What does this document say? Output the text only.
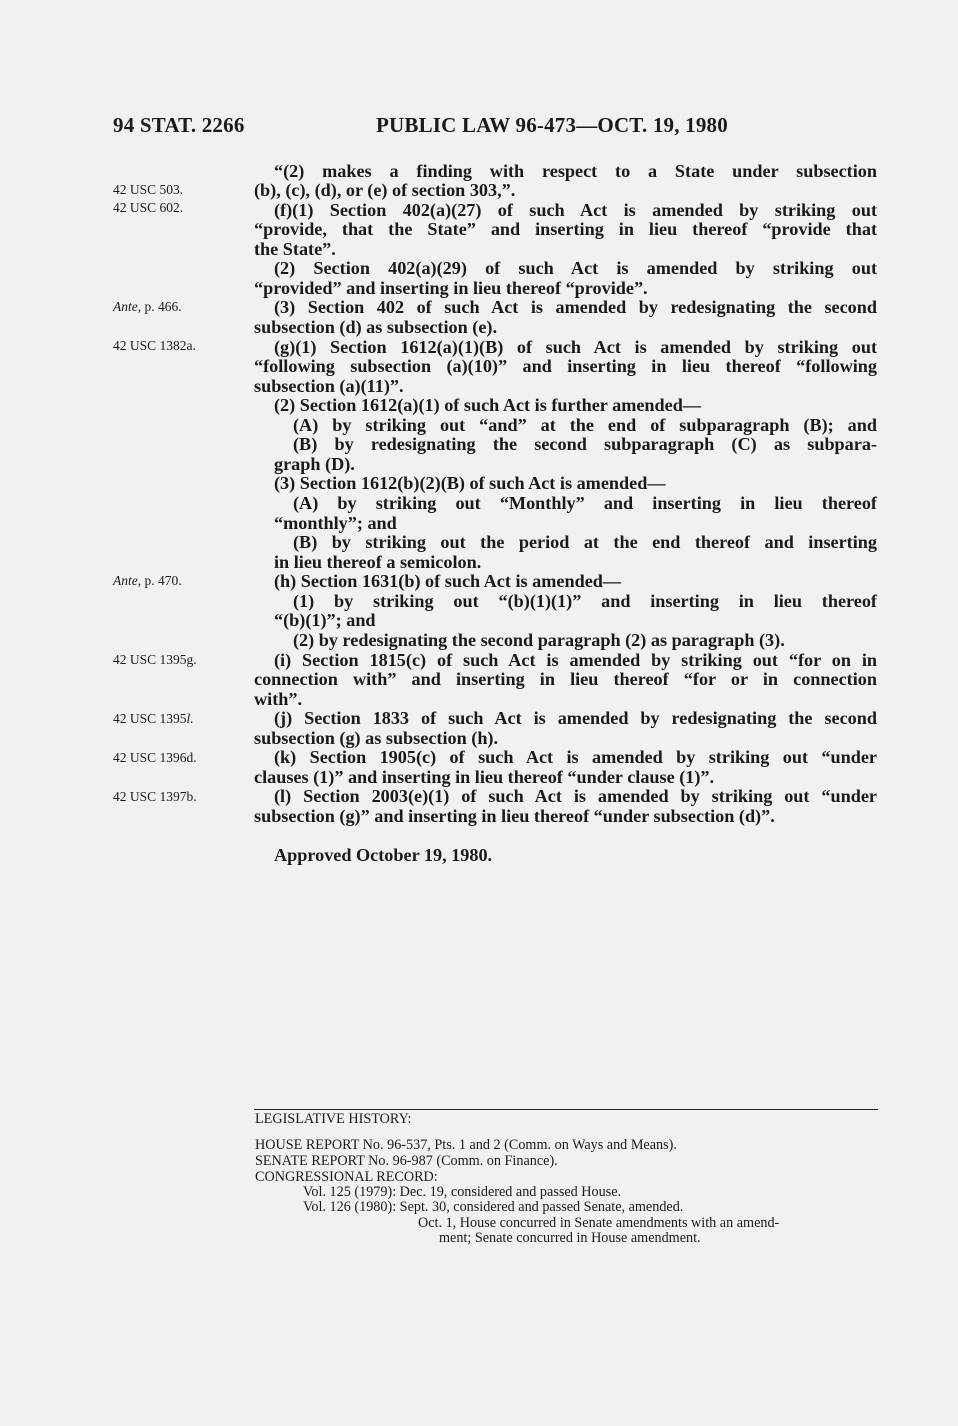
94 STAT. 2266	PUBLIC LAW 96-473—OCT. 19, 1980
42 USC 503.
42 USC 602.
Ante, p. 466.
42 USC 1382a.
Ante, p. 470.
42 USC 1395g.
42 USC 1395l.
42 USC 1396d.
42 USC 1397b.
“(2) makes a finding with respect to a State under subsection
(b), (c), (d), or (e) of section 303,”.
(f)(1) Section 402(a)(27) of such Act is amended by striking out
“provide, that the State” and inserting in lieu thereof “provide that
the State”.
(2) Section 402(a)(29) of such Act is amended by striking out
“provided” and inserting in lieu thereof “provide”.
(3) Section 402 of such Act is amended by redesignating the second
subsection (d) as subsection (e).
(g)(1) Section 1612(a)(1)(B) of such Act is amended by striking out
“following subsection (a)(10)” and inserting in lieu thereof “following
subsection (a)(11)”.
(2) Section 1612(a)(1) of such Act is further amended—
(A) by striking out “and” at the end of subparagraph (B); and
(B) by redesignating the second subparagraph (C) as subpara-
graph (D).
(3) Section 1612(b)(2)(B) of such Act is amended—
(A) by striking out “Monthly” and inserting in lieu thereof
“monthly”; and
(B) by striking out the period at the end thereof and inserting
in lieu thereof a semicolon.
(h) Section 1631(b) of such Act is amended—
(1) by striking out “(b)(1)(1)” and inserting in lieu thereof
“(b)(1)”; and
(2) by redesignating the second paragraph (2) as paragraph (3).
(i) Section 1815(c) of such Act is amended by striking out “for on in
connection with” and inserting in lieu thereof “for or in connection
with”.
(j) Section 1833 of such Act is amended by redesignating the second
subsection (g) as subsection (h).
(k) Section 1905(c) of such Act is amended by striking out “under
clauses (1)” and inserting in lieu thereof “under clause (1)”.
(l) Section 2003(e)(1) of such Act is amended by striking out “under
subsection (g)” and inserting in lieu thereof “under subsection (d)”.
Approved October 19, 1980.
LEGISLATIVE HISTORY:
HOUSE REPORT No. 96-537, Pts. 1 and 2 (Comm. on Ways and Means).
SENATE REPORT No. 96-987 (Comm. on Finance).
CONGRESSIONAL RECORD:
Vol. 125 (1979): Dec. 19, considered and passed House.
Vol. 126 (1980): Sept. 30, considered and passed Senate, amended.
Oct. 1, House concurred in Senate amendments with an amend-
ment; Senate concurred in House amendment.
